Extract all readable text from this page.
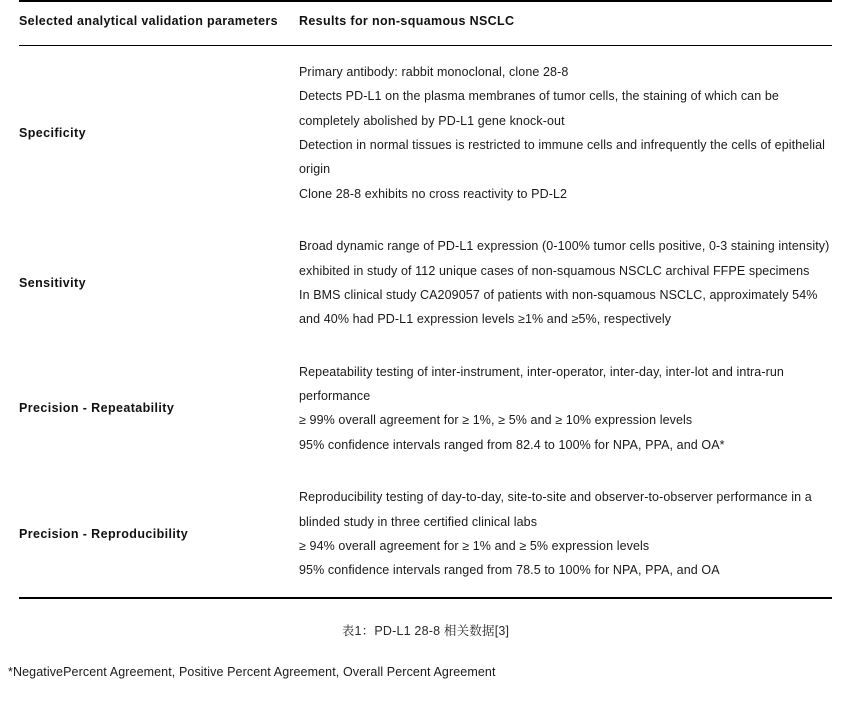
Selected analytical validation parameters	Results for non-squamous NSCLC
Specificity	Primary antibody: rabbit monoclonal, clone 28-8
Detects PD-L1 on the plasma membranes of tumor cells, the staining of which can be completely abolished by PD-L1 gene knock-out
Detection in normal tissues is restricted to immune cells and infrequently the cells of epithelial origin
Clone 28-8 exhibits no cross reactivity to PD-L2

Sensitivity	Broad dynamic range of PD-L1 expression (0-100% tumor cells positive, 0-3 staining intensity) exhibited in study of 112 unique cases of non-squamous NSCLC archival FFPE specimens
In BMS clinical study CA209057 of patients with non-squamous NSCLC, approximately 54% and 40% had PD-L1 expression levels ≥1% and ≥5%, respectively

Precision - Repeatability	Repeatability testing of inter-instrument, inter-operator, inter-day, inter-lot and intra-run performance
≥ 99% overall agreement for ≥ 1%, ≥ 5% and ≥ 10% expression levels
95% confidence intervals ranged from 82.4 to 100% for NPA, PPA, and OA*

Precision - Reproducibility	Reproducibility testing of day-to-day, site-to-site and observer-to-observer performance in a blinded study in three certified clinical labs
≥ 94% overall agreement for ≥ 1% and ≥ 5% expression levels
95% confidence intervals ranged from 78.5 to 100% for NPA, PPA, and OA
表1：PD-L1 28-8 相关数据[3]
*NegativePercent Agreement, Positive Percent Agreement, Overall Percent Agreement
